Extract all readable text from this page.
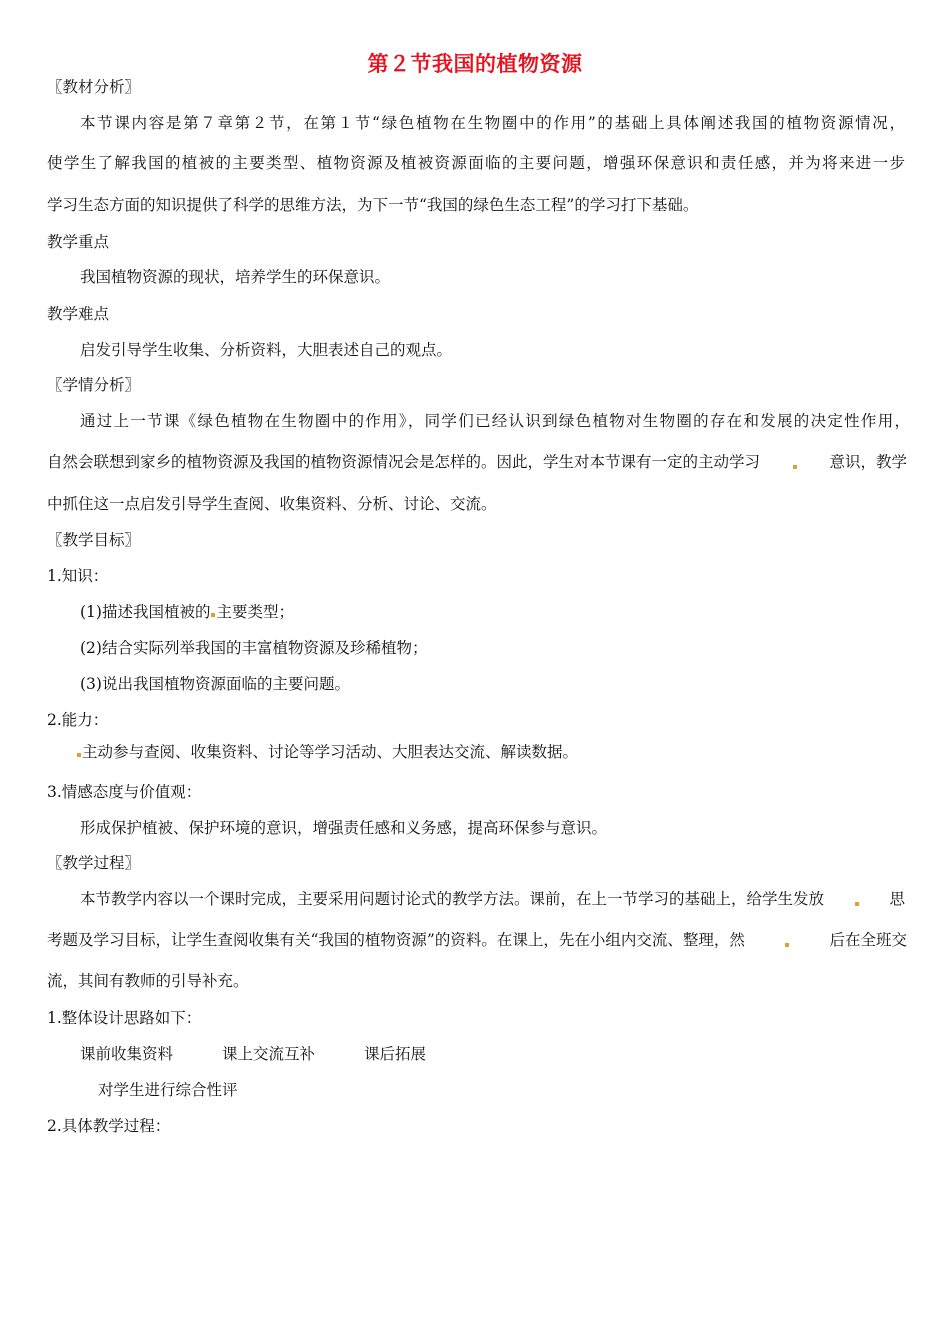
第２节我国的植物资源
〖教材分析〗
本节课内容是第７章第２节，在第１节“绿色植物在生物圈中的作用”的基础上具体阐述我国的植物资源情况，
使学生了解我国的植被的主要类型、植物资源及植被资源面临的主要问题，增强环保意识和责任感，并为将来进一步
学习生态方面的知识提供了科学的思维方法，为下一节“我国的绿色生态工程”的学习打下基础。
教学重点
我国植物资源的现状，培养学生的环保意识。
教学难点
启发引导学生收集、分析资料，大胆表述自己的观点。
〖学情分析〗
通过上一节课《绿色植物在生物圈中的作用》，同学们已经认识到绿色植物对生物圈的存在和发展的决定性作用，
自然会联想到家乡的植物资源及我国的植物资源情况会是怎样的。因此，学生对本节课有一定的主动学习	意识，教学
中抓住这一点启发引导学生查阅、收集资料、分析、讨论、交流。
〖教学目标〗
1.知识：
(1)描述我国植被的 主要类型；
(2)结合实际列举我国的丰富植物资源及珍稀植物；
(3)说出我国植物资源面临的主要问题。
2.能力：
主动参与查阅、收集资料、讨论等学习活动、大胆表达交流、解读数据。
3.情感态度与价值观：
形成保护植被、保护环境的意识，增强责任感和义务感，提高环保参与意识。
〖教学过程〗
本节教学内容以一个课时完成，主要采用问题讨论式的教学方法。课前，在上一节学习的基础上，给学生发放	思
考题及学习目标，让学生查阅收集有关“我国的植物资源”的资料。在课上，先在小组内交流、整理，然	后在全班交
流，其间有教师的引导补充。
1.整体设计思路如下：
课前收集资料	课上交流互补	课后拓展
对学生进行综合性评
2.具体教学过程：
